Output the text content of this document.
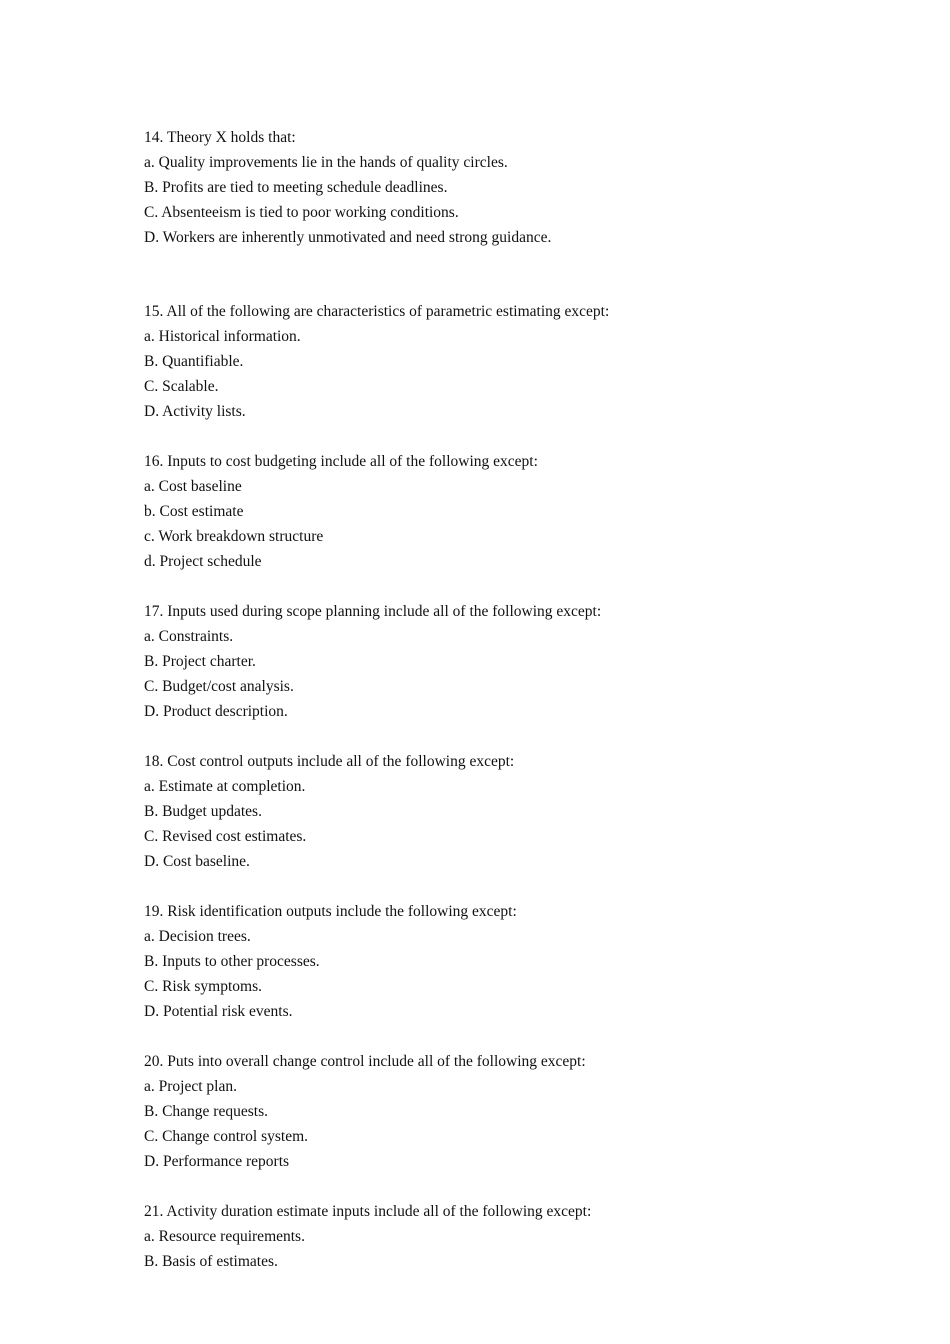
14. Theory X holds that:
a. Quality improvements lie in the hands of quality circles.
B. Profits are tied to meeting schedule deadlines.
C. Absenteeism is tied to poor working conditions.
D. Workers are inherently unmotivated and need strong guidance.
15. All of the following are characteristics of parametric estimating except:
a. Historical information.
B. Quantifiable.
C. Scalable.
D. Activity lists.
16. Inputs to cost budgeting include all of the following except:
a. Cost baseline
b. Cost estimate
c. Work breakdown structure
d. Project schedule
17. Inputs used during scope planning include all of the following except:
a. Constraints.
B. Project charter.
C. Budget/cost analysis.
D. Product description.
18. Cost control outputs include all of the following except:
a. Estimate at completion.
B. Budget updates.
C. Revised cost estimates.
D. Cost baseline.
19. Risk identification outputs include the following except:
a. Decision trees.
B. Inputs to other processes.
C. Risk symptoms.
D. Potential risk events.
20. Puts into overall change control include all of the following except:
a. Project plan.
B. Change requests.
C. Change control system.
D. Performance reports
21. Activity duration estimate inputs include all of the following except:
a. Resource requirements.
B. Basis of estimates.
